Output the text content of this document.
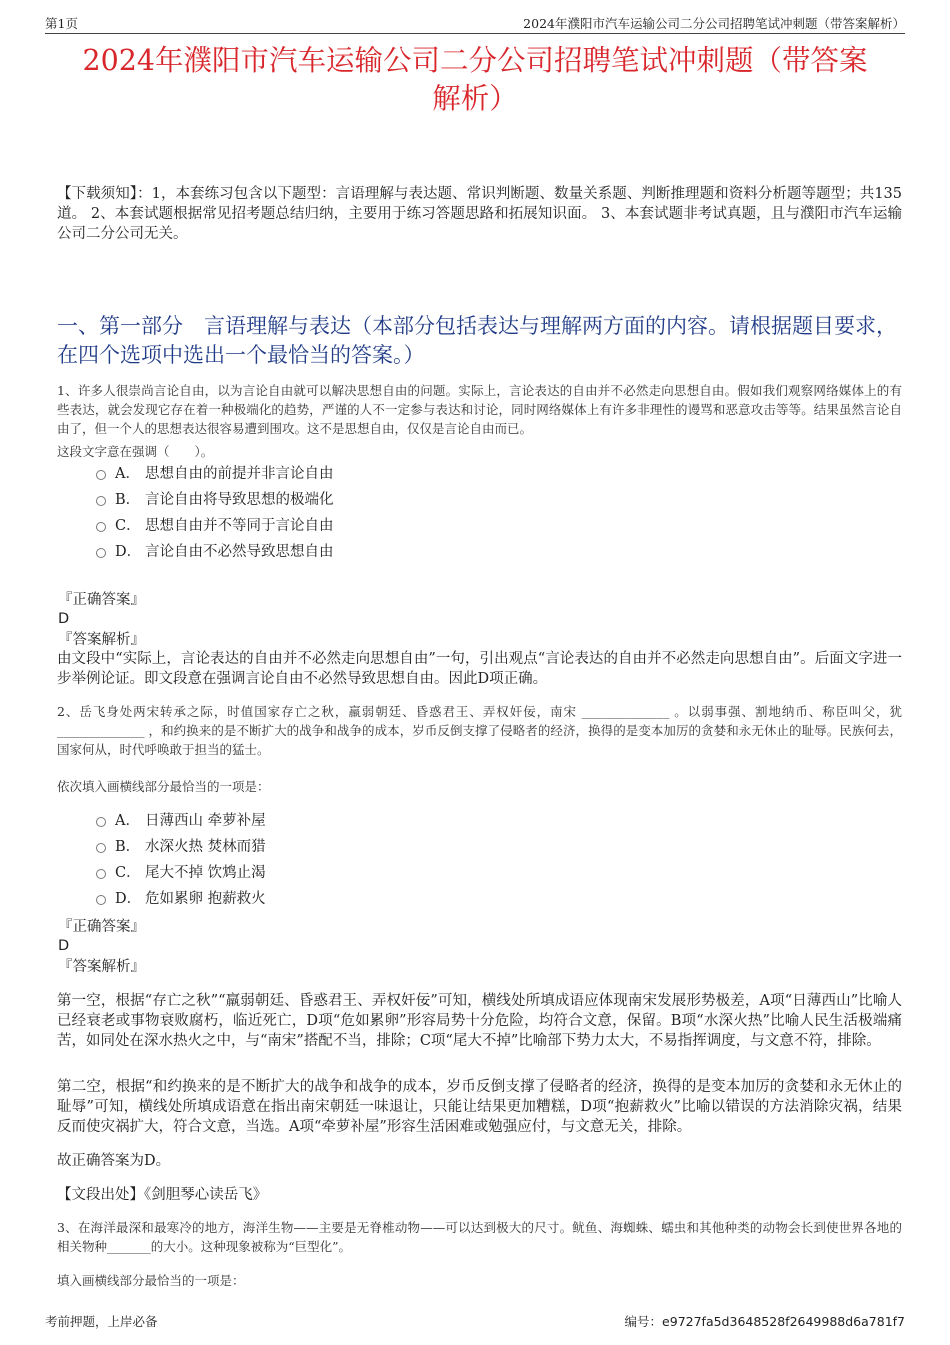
第1页	2024年濮阳市汽车运输公司二分公司招聘笔试冲刺题（带答案解析）
2024年濮阳市汽车运输公司二分公司招聘笔试冲刺题（带答案
解析）
【下载须知】：1，本套练习包含以下题型：言语理解与表达题、常识判断题、数量关系题、判断推理题和资料分析题等题型；共135道。 2、本套试题根据常见招考题总结归纳，主要用于练习答题思路和拓展知识面。 3、本套试题非考试真题，且与濮阳市汽车运输公司二分公司无关。
一、第一部分　言语理解与表达（本部分包括表达与理解两方面的内容。请根据题目要求，在四个选项中选出一个最恰当的答案。）
1、许多人很崇尚言论自由，以为言论自由就可以解决思想自由的问题。实际上，言论表达的自由并不必然走向思想自由。假如我们观察网络媒体上的有些表达，就会发现它存在着一种极端化的趋势，严谨的人不一定参与表达和讨论，同时网络媒体上有许多非理性的谩骂和恶意攻击等等。结果虽然言论自由了，但一个人的思想表达很容易遭到围攻。这不是思想自由，仅仅是言论自由而已。
这段文字意在强调（　　）。
A． 思想自由的前提并非言论自由
B． 言论自由将导致思想的极端化
C． 思想自由并不等同于言论自由
D． 言论自由不必然导致思想自由
『正确答案』
D
『答案解析』
由文段中“实际上，言论表达的自由并不必然走向思想自由”一句，引出观点“言论表达的自由并不必然走向思想自由”。后面文字进一步举例论证。即文段意在强调言论自由不必然导致思想自由。因此D项正确。
2、岳飞身处两宋转承之际，时值国家存亡之秋，羸弱朝廷、昏惑君王、弄权奸佞，南宋 ______________ 。以弱事强、割地纳币、称臣叫父，犹 ______________ ，和约换来的是不断扩大的战争和战争的成本，岁币反倒支撑了侵略者的经济，换得的是变本加厉的贪婪和永无休止的耻辱。民族何去，国家何从，时代呼唤敢于担当的猛士。
依次填入画横线部分最恰当的一项是：
A． 日薄西山 牵萝补屋
B． 水深火热 焚林而猎
C． 尾大不掉 饮鸩止渴
D． 危如累卵 抱薪救火
『正确答案』
D
『答案解析』
第一空，根据“存亡之秋”“羸弱朝廷、昏惑君王、弄权奸佞”可知，横线处所填成语应体现南宋发展形势极差，A项“日薄西山”比喻人已经衰老或事物衰败腐朽，临近死亡，D项“危如累卵”形容局势十分危险，均符合文意，保留。B项“水深火热”比喻人民生活极端痛苦，如同处在深水热火之中，与“南宋”搭配不当，排除；C项“尾大不掉”比喻部下势力太大，不易指挥调度，与文意不符，排除。
第二空，根据“和约换来的是不断扩大的战争和战争的成本，岁币反倒支撑了侵略者的经济，换得的是变本加厉的贪婪和永无休止的耻辱”可知，横线处所填成语意在指出南宋朝廷一味退让，只能让结果更加糟糕，D项“抱薪救火”比喻以错误的方法消除灾祸，结果反而使灾祸扩大，符合文意，当选。A项“牵萝补屋”形容生活困难或勉强应付，与文意无关，排除。
故正确答案为D。
【文段出处】《剑胆琴心读岳飞》
3、在海洋最深和最寒冷的地方，海洋生物——主要是无脊椎动物——可以达到极大的尺寸。鱿鱼、海蜘蛛、蠕虫和其他种类的动物会长到使世界各地的相关物种_______的大小。这种现象被称为“巨型化”。
填入画横线部分最恰当的一项是：
考前押题，上岸必备	编号：e9727fa5d3648528f2649988d6a781f7
